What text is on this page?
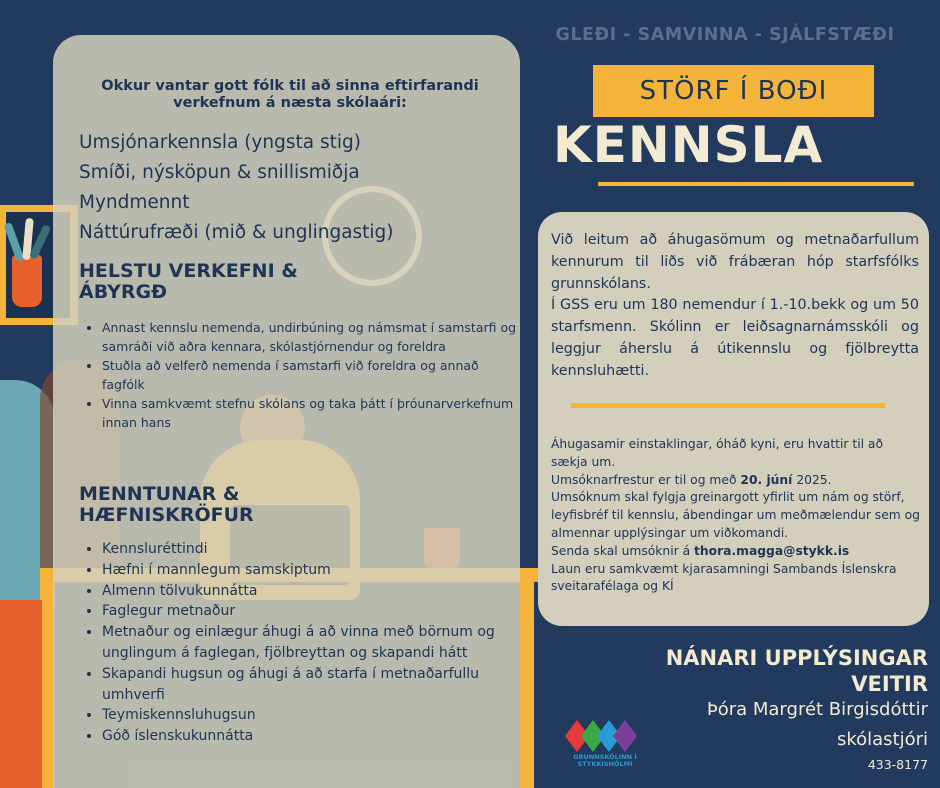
Okkur vantar gott fólk til að sinna eftirfarandi verkefnum á næsta skólaári:
Umsjónarkennsla (yngsta stig)
Smíði, nýsköpun & snillismiðja
Myndmennt
Náttúrufræði (mið & unglingastig)
HELSTU VERKEFNI & ÁBYRGÐ
• Annast kennslu nemenda, undirbúning og námsmat í samstarfi og samráði við aðra kennara, skólastjórnendur og foreldra
• Stuðla að velferð nemenda í samstarfi við foreldra og annað fagfólk
• Vinna samkvæmt stefnu skólans og taka þátt í þróunarverkefnum innan hans
MENNTUNAR & HÆFNISKRÖFUR
• Kennsluréttindi
• Hæfni í mannlegum samskiptum
• Almenn tölvukunnátta
• Faglegur metnaður
• Metnaður og einlægur áhugi á að vinna með börnum og unglingum á faglegan, fjölbreyttan og skapandi hátt
• Skapandi hugsun og áhugi á að starfa í metnaðarfullu umhverfi
• Teymiskennsluhugsun
• Góð íslenskukunnátta
GLEÐI - SAMVINNA - SJÁLFSTÆÐI
STÖRF Í BOÐI
KENNSLA
Við leitum að áhugasömum og metnaðarfullum kennurum til liðs við frábæran hóp starfsfólks grunnskólans.
Í GSS eru um 180 nemendur í 1.-10.bekk og um 50 starfsmenn. Skólinn er leiðsagnarnámsskóli og leggjur áherslu á útikennslu og fjölbreytta kennsluhætti.
Áhugasamir einstaklingar, óháð kyni, eru hvattir til að sækja um.
Umsóknarfrestur er til og með 20. júní 2025.
Umsóknum skal fylgja greinargott yfirlit um nám og störf, leyfisbréf til kennslu, ábendingar um meðmælendur sem og almennar upplýsingar um viðkomandi.
Senda skal umsóknir á thora.magga@stykk.is
Laun eru samkvæmt kjarasamningi Sambands Íslenskra sveitarafélaga og KÍ
NÁNARI UPPLÝSINGAR VEITIR
Þóra Margrét Birgisdóttir
skólastjóri
433-8177
GRUNNSKÓLINN Í STYKKISHÓLMI
